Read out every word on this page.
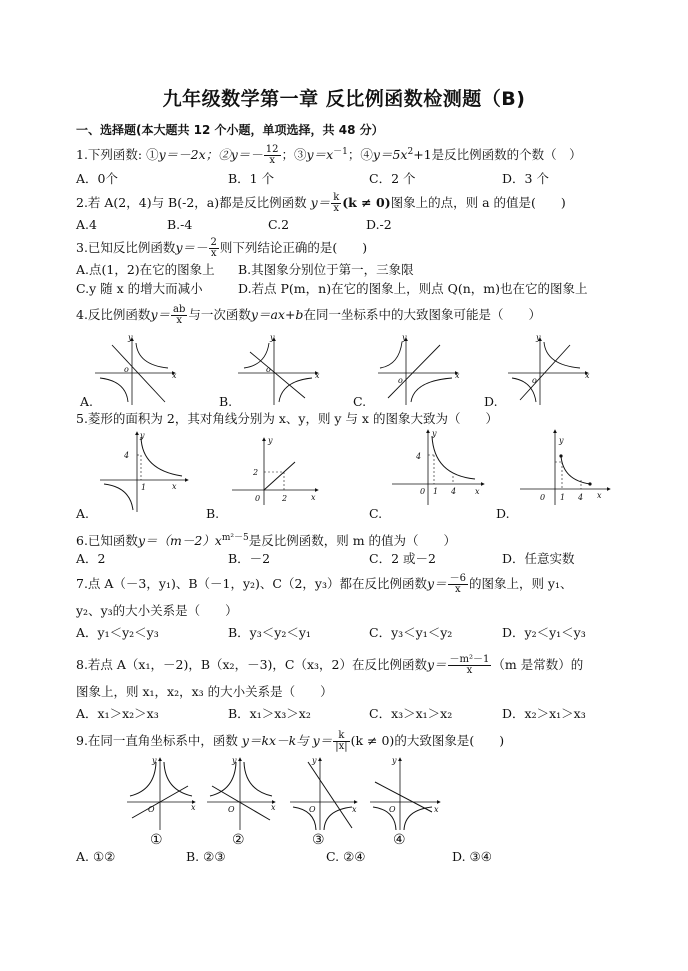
九年级数学第一章 反比例函数检测题（B)
一、选择题(本大题共 12 个小题，单项选择，共 48 分）
1.下列函数: ①y＝－2x；②y＝－ $\frac{12}{x}$ ；$③y=x^{-1}$；$④y=5x^2+1$是反比例函数的个数（　）
A．0个	B．1 个	C．2 个	D．3 个
2.若 A(2，4)与 B(-2，a)都是反比例函数 $y= \frac{k}{x} (k \ne 0)$图象上的点，则 a 的值是(　　)
A.4	B.-4	C.2	D.-2
3.已知反比例函数$y=- \frac{2}{x}$ 则下列结论正确的是(　　)
A.点(1，2)在它的图象上 B.其图象分别位于第一，三象限
C.y 随 x 的增大而减小	D.若点 P(m，n)在它的图象上，则点 Q(n，m)也在它的图象上
4.反比例函数$y= \frac{ab}{x}$ 与一次函数y＝ax+b在同一坐标系中的大致图象可能是（　　）
o
y
x
o
y
x
o
y
x
o
y
x
4
1
y
x
2
2
0
y
x
4
0 1 4
y
x
0 1 4
y
x
O
y
x	O
y
x	O
y
x	O
y
x
A.	B.	C.	D.
5.菱形的面积为 2，其对角线分别为 x、y，则 y 与 x 的图象大致为（　　）
A.	B.	C.	D.
6.已知函数$y=(m-2)x^{m^2-5}$是反比例函数，则 m 的值为（　　）
A．2	B．－2	C．2 或－2	D．任意实数
7.点 A（－3，y₁)、B（－1，y₂)、C（2，y₃）都在反比例函数$y= \frac{-6}{x}$ 的图象上，则 y₁、
y₂、y₃的大小关系是（　　）
A．y₁＜y₂＜y₃	B．y₃＜y₂＜y₁	C．y₃＜y₁＜y₂	D．y₂＜y₁＜y₃
8.若点 A（x₁，－2)，B（x₂，－3)，C（x₃，2）在反比例函数$y= \frac{\text{－m²－1}}{x} (m$ 是常数）的
图象上，则 x₁，x₂，x₃ 的大小关系是（　　）
A．x₁＞x₂＞x₃	B．x₁＞x₃＞x₂	C．x₃＞x₁＞x₂	D．x₂＞x₁＞x₃
9.在同一直角坐标系中，函数 y＝kx－k与 $y= \frac{k}{|x|} (k \ne 0)$的大致图象是(　　)
①	②	③	④
A. ①②	B. ②③	C. ②④	D. ③④
